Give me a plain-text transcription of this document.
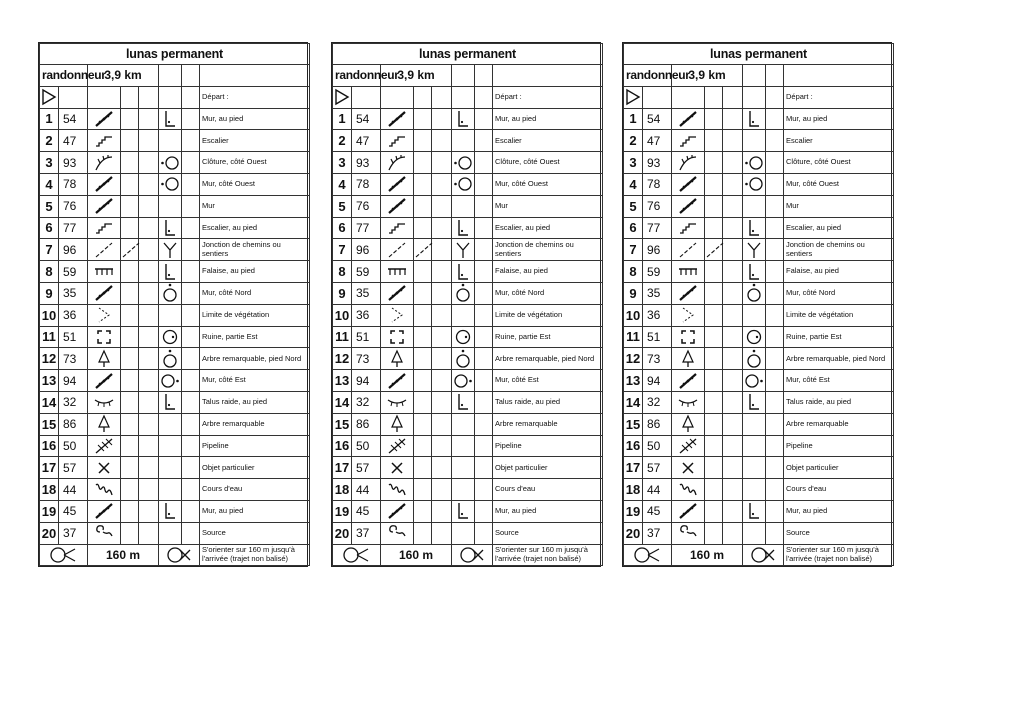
lunas permanent							
randonneur		3,9 km					

							Départ :
1	54						Mur, au pied
2	47						Escalier
3	93						Clôture, côté Ouest
4	78						Mur, côté Ouest
5	76						Mur
6	77						Escalier, au pied
7	96						Jonction de chemins ou sentiers
8	59						Falaise, au pied
9	35						Mur, côté Nord
10	36						Limite de végétation
11	51						Ruine, partie Est
12	73						Arbre remarquable, pied Nord
13	94						Mur, côté Est
14	32						Talus raide, au pied
15	86						Arbre remarquable
16	50						Pipeline
17	57						Objet particulier
18	44						Cours d'eau
19	45						Mur, au pied
20	37						Source

	160 m					S'orienter sur 160 m jusqu'à l'arrivée (trajet non balisé)
lunas permanent							
randonneur		3,9 km					

							Départ :
1	54						Mur, au pied
2	47						Escalier
3	93						Clôture, côté Ouest
4	78						Mur, côté Ouest
5	76						Mur
6	77						Escalier, au pied
7	96						Jonction de chemins ou sentiers
8	59						Falaise, au pied
9	35						Mur, côté Nord
10	36						Limite de végétation
11	51						Ruine, partie Est
12	73						Arbre remarquable, pied Nord
13	94						Mur, côté Est
14	32						Talus raide, au pied
15	86						Arbre remarquable
16	50						Pipeline
17	57						Objet particulier
18	44						Cours d'eau
19	45						Mur, au pied
20	37						Source

	160 m					S'orienter sur 160 m jusqu'à l'arrivée (trajet non balisé)
lunas permanent							
randonneur		3,9 km					

							Départ :
1	54						Mur, au pied
2	47						Escalier
3	93						Clôture, côté Ouest
4	78						Mur, côté Ouest
5	76						Mur
6	77						Escalier, au pied
7	96						Jonction de chemins ou sentiers
8	59						Falaise, au pied
9	35						Mur, côté Nord
10	36						Limite de végétation
11	51						Ruine, partie Est
12	73						Arbre remarquable, pied Nord
13	94						Mur, côté Est
14	32						Talus raide, au pied
15	86						Arbre remarquable
16	50						Pipeline
17	57						Objet particulier
18	44						Cours d'eau
19	45						Mur, au pied
20	37						Source

	160 m					S'orienter sur 160 m jusqu'à l'arrivée (trajet non balisé)
